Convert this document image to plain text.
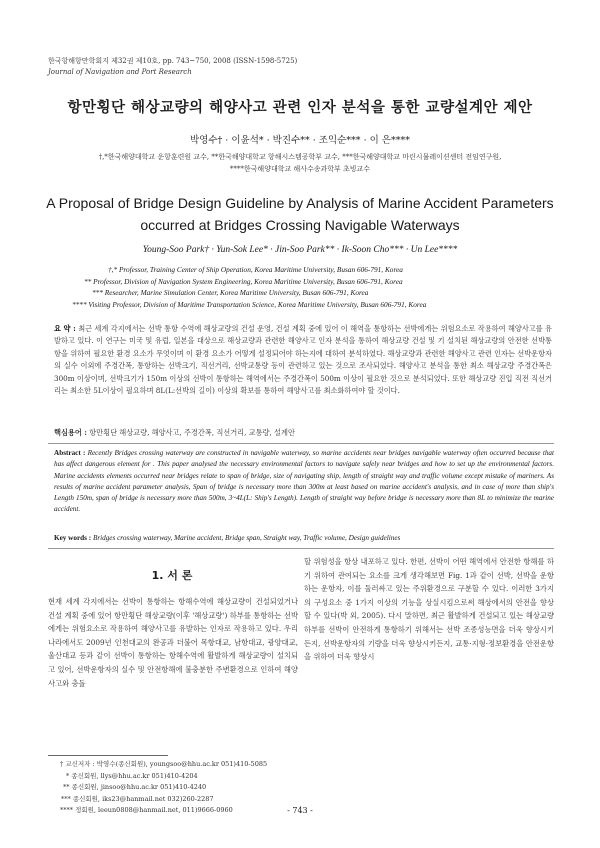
한국항해항만학회지 제32권 제10호, pp. 743~750, 2008 (ISSN-1598-5725)
Journal of Navigation and Port Research
항만횡단 해상교량의 해양사고 관련 인자 분석을 통한 교량설계안 제안
박영수† · 이윤석* · 박진수** · 조익순*** · 이 은****
†,*한국해양대학교 운항훈련원 교수, **한국해양대학교 항해시스템공학부 교수, ***한국해양대학교 마린시뮬레이션센터 전임연구원,
****한국해양대학교 해사수송과학부 초빙교수
A Proposal of Bridge Design Guideline by Analysis of Marine Accident Parameters
occurred at Bridges Crossing Navigable Waterways
Young-Soo Park† · Yun-Sok Lee* · Jin-Soo Park** · Ik-Soon Cho*** · Un Lee****
†,* Professor, Training Center of Ship Operation, Korea Maritime University, Busan 606-791, Korea
** Professor, Division of Navigation System Engineering, Korea Maritime University, Busan 606-791, Korea
*** Researcher, Marine Simulation Center, Korea Maritime University, Busan 606-791, Korea
**** Visiting Professor, Division of Maritime Transportation Science, Korea Maritime University, Busan 606-791, Korea
요 약 : 최근 세계 각지에서는 선박 통항 수역에 해상교량의 건설 운영, 건설 계획 중에 있어 이 해역을 통항하는 선박에게는 위험요소로 작용하여 해양사고를 유발하고 있다. 이 연구는 미국 및 유럽, 일본을 대상으로 해상교량과 관련한 해양사고 인자 분석을 통하여 해상교량 건설 및 기 설치된 해상교량의 안전한 선박통항을 위하여 필요한 환경 요소가 무엇이며 이 환경 요소가 어떻게 설정되어야 하는지에 대하여 분석하였다. 해상교량과 관련한 해양사고 관련 인자는 선박운항자의 실수 이외에 주경간폭, 통항하는 선박크기, 직선거리, 선박교통량 등이 관련하고 있는 것으로 조사되었다. 해양사고 분석을 통한 최소 해상교량 주경간폭은 300m 이상이며, 선박크기가 150m 이상의 선박이 통항하는 해역에서는 주경간폭이 500m 이상이 필요한 것으로 분석되었다. 또한 해상교량 진입 직전 직선거리는 최소한 5L이상이 필요하며 8L(L:선박의 길이) 이상의 확보를 통하여 해양사고를 최소화하여야 할 것이다.
핵심용어 : 항만횡단 해상교량, 해양사고, 주경간폭, 직선거리, 교통량, 설계안
Abstract : Recently Bridges crossing waterway are constructed in navigable waterway, so marine accidents near bridges navigable waterway often occurred because that has affect dangerous element for . This paper analysed the necessary environmental factors to navigate safely near bridges and how to set up the environmental factors. Marine accidents elements occurred near bridges relate to span of bridge, size of navigating ship, length of straight way and traffic volume except mistake of mariners. As results of marine accident parameter analysis, Span of bridge is necessary more than 300m at least based on marine accident's analysis, and in case of more than ship's Length 150m, span of bridge is necessary more than 500m, 3~4L(L: Ship's Length). Length of straight way before bridge is necessary more than 8L to minimize the marine accident.
Key words : Bridges crossing waterway, Marine accident, Bridge span, Straight way, Traffic volume, Design guidelines
1. 서 론
현재 세계 각지에서는 선박이 통항하는 항해수역에 해상교량이 건설되었거나 건설 계획 중에 있어 항만횡단 해상교량(이후 '해상교량') 하부를 통항하는 선박에게는 위험요소로 작용하여 해양사고를 유발하는 인자로 작용하고 있다. 우리나라에서도 2009년 인천대교의 완공과 더불어 목항대교, 남항대교, 광양대교, 울산대교 등과 같이 선박이 통항하는 항해수역에 활발하게 해상교량이 설치되고 있어, 선박운항자의 실수 및 안전항해에 불충분한 주변환경으로 인하여 해양사고와 충돌
할 위험성을 항상 내포하고 있다. 한편, 선박이 어떤 해역에서 안전한 항해를 하기 위하여 관여되는 요소를 크게 생각해보면 Fig. 1과 같이 선박, 선박을 운항하는 운항자, 이를 둘러싸고 있는 주위환경으로 구분할 수 있다. 이러한 3가지의 구성요소 중 1가지 이상의 기능을 상실시킴으로써 해상에서의 안전을 향상할 수 있다(박 외, 2005). 다시 말하면, 최근 활발하게 건설되고 있는 해상교량 하부를 선박이 안전하게 통항하기 위해서는 선박 조종성능면을 더욱 향상시키든지, 선박운항자의 기량을 더욱 향상시키든지, 교통·지형·정보환경을 안전운항을 위하여 더욱 향상시
† 교신저자 : 박영수(종신회원), youngsoo@hhu.ac.kr 051)410-5085
* 종신회원, llys@hhu.ac.kr 051)410-4204
** 종신회원, jinsoo@hhu.ac.kr 051)410-4240
*** 종신회원, iks23@hanmail.net 032)260-2287
**** 정회원, leeun0808@hanmail.net, 011)9666-0960	- 743 -
